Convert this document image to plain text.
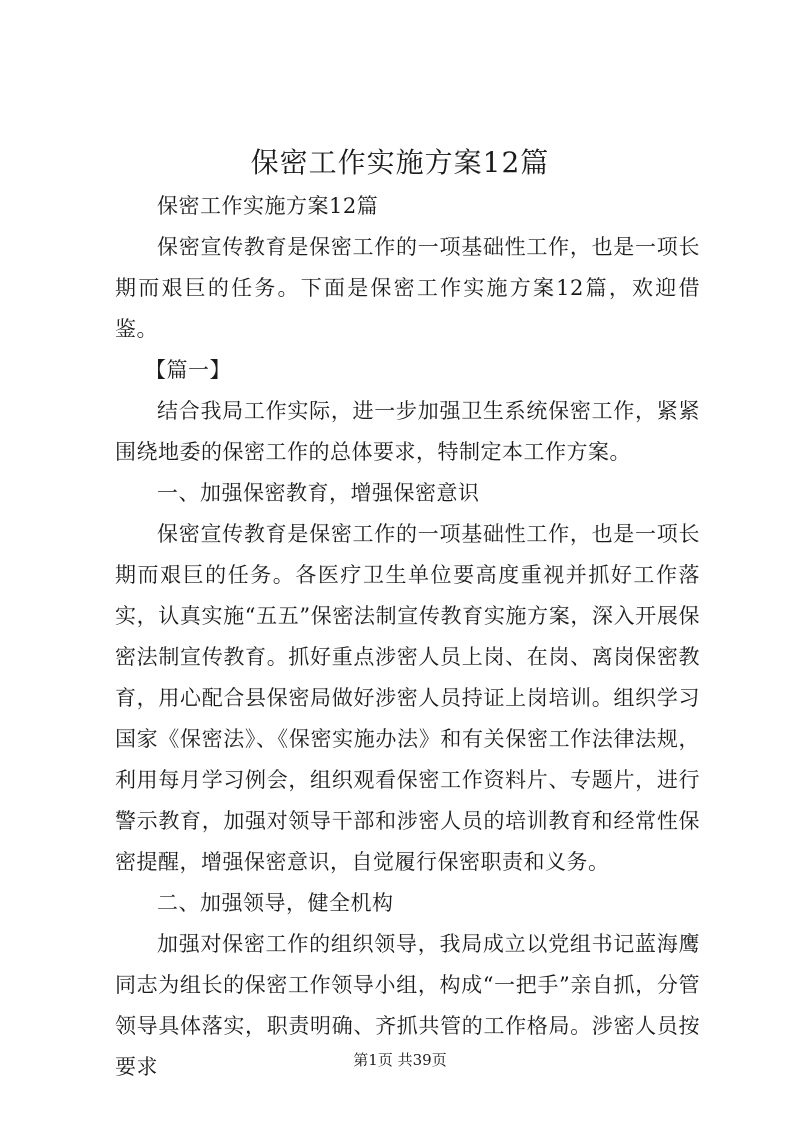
保密工作实施方案12篇

保密工作实施方案12篇

保密宣传教育是保密工作的一项基础性工作，也是一项长期而艰巨的任务。下面是保密工作实施方案12篇，欢迎借鉴。

【篇一】

结合我局工作实际，进一步加强卫生系统保密工作，紧紧围绕地委的保密工作的总体要求，特制定本工作方案。

一、加强保密教育，增强保密意识

保密宣传教育是保密工作的一项基础性工作，也是一项长期而艰巨的任务。各医疗卫生单位要高度重视并抓好工作落实，认真实施“五五”保密法制宣传教育实施方案，深入开展保密法制宣传教育。抓好重点涉密人员上岗、在岗、离岗保密教育，用心配合县保密局做好涉密人员持证上岗培训。组织学习国家《保密法》、《保密实施办法》和有关保密工作法律法规，利用每月学习例会，组织观看保密工作资料片、专题片，进行警示教育，加强对领导干部和涉密人员的培训教育和经常性保密提醒，增强保密意识，自觉履行保密职责和义务。

二、加强领导，健全机构

加强对保密工作的组织领导，我局成立以党组书记蓝海鹰同志为组长的保密工作领导小组，构成“一把手”亲自抓，分管领导具体落实，职责明确、齐抓共管的工作格局。涉密人员按要求	第1页 共39页
